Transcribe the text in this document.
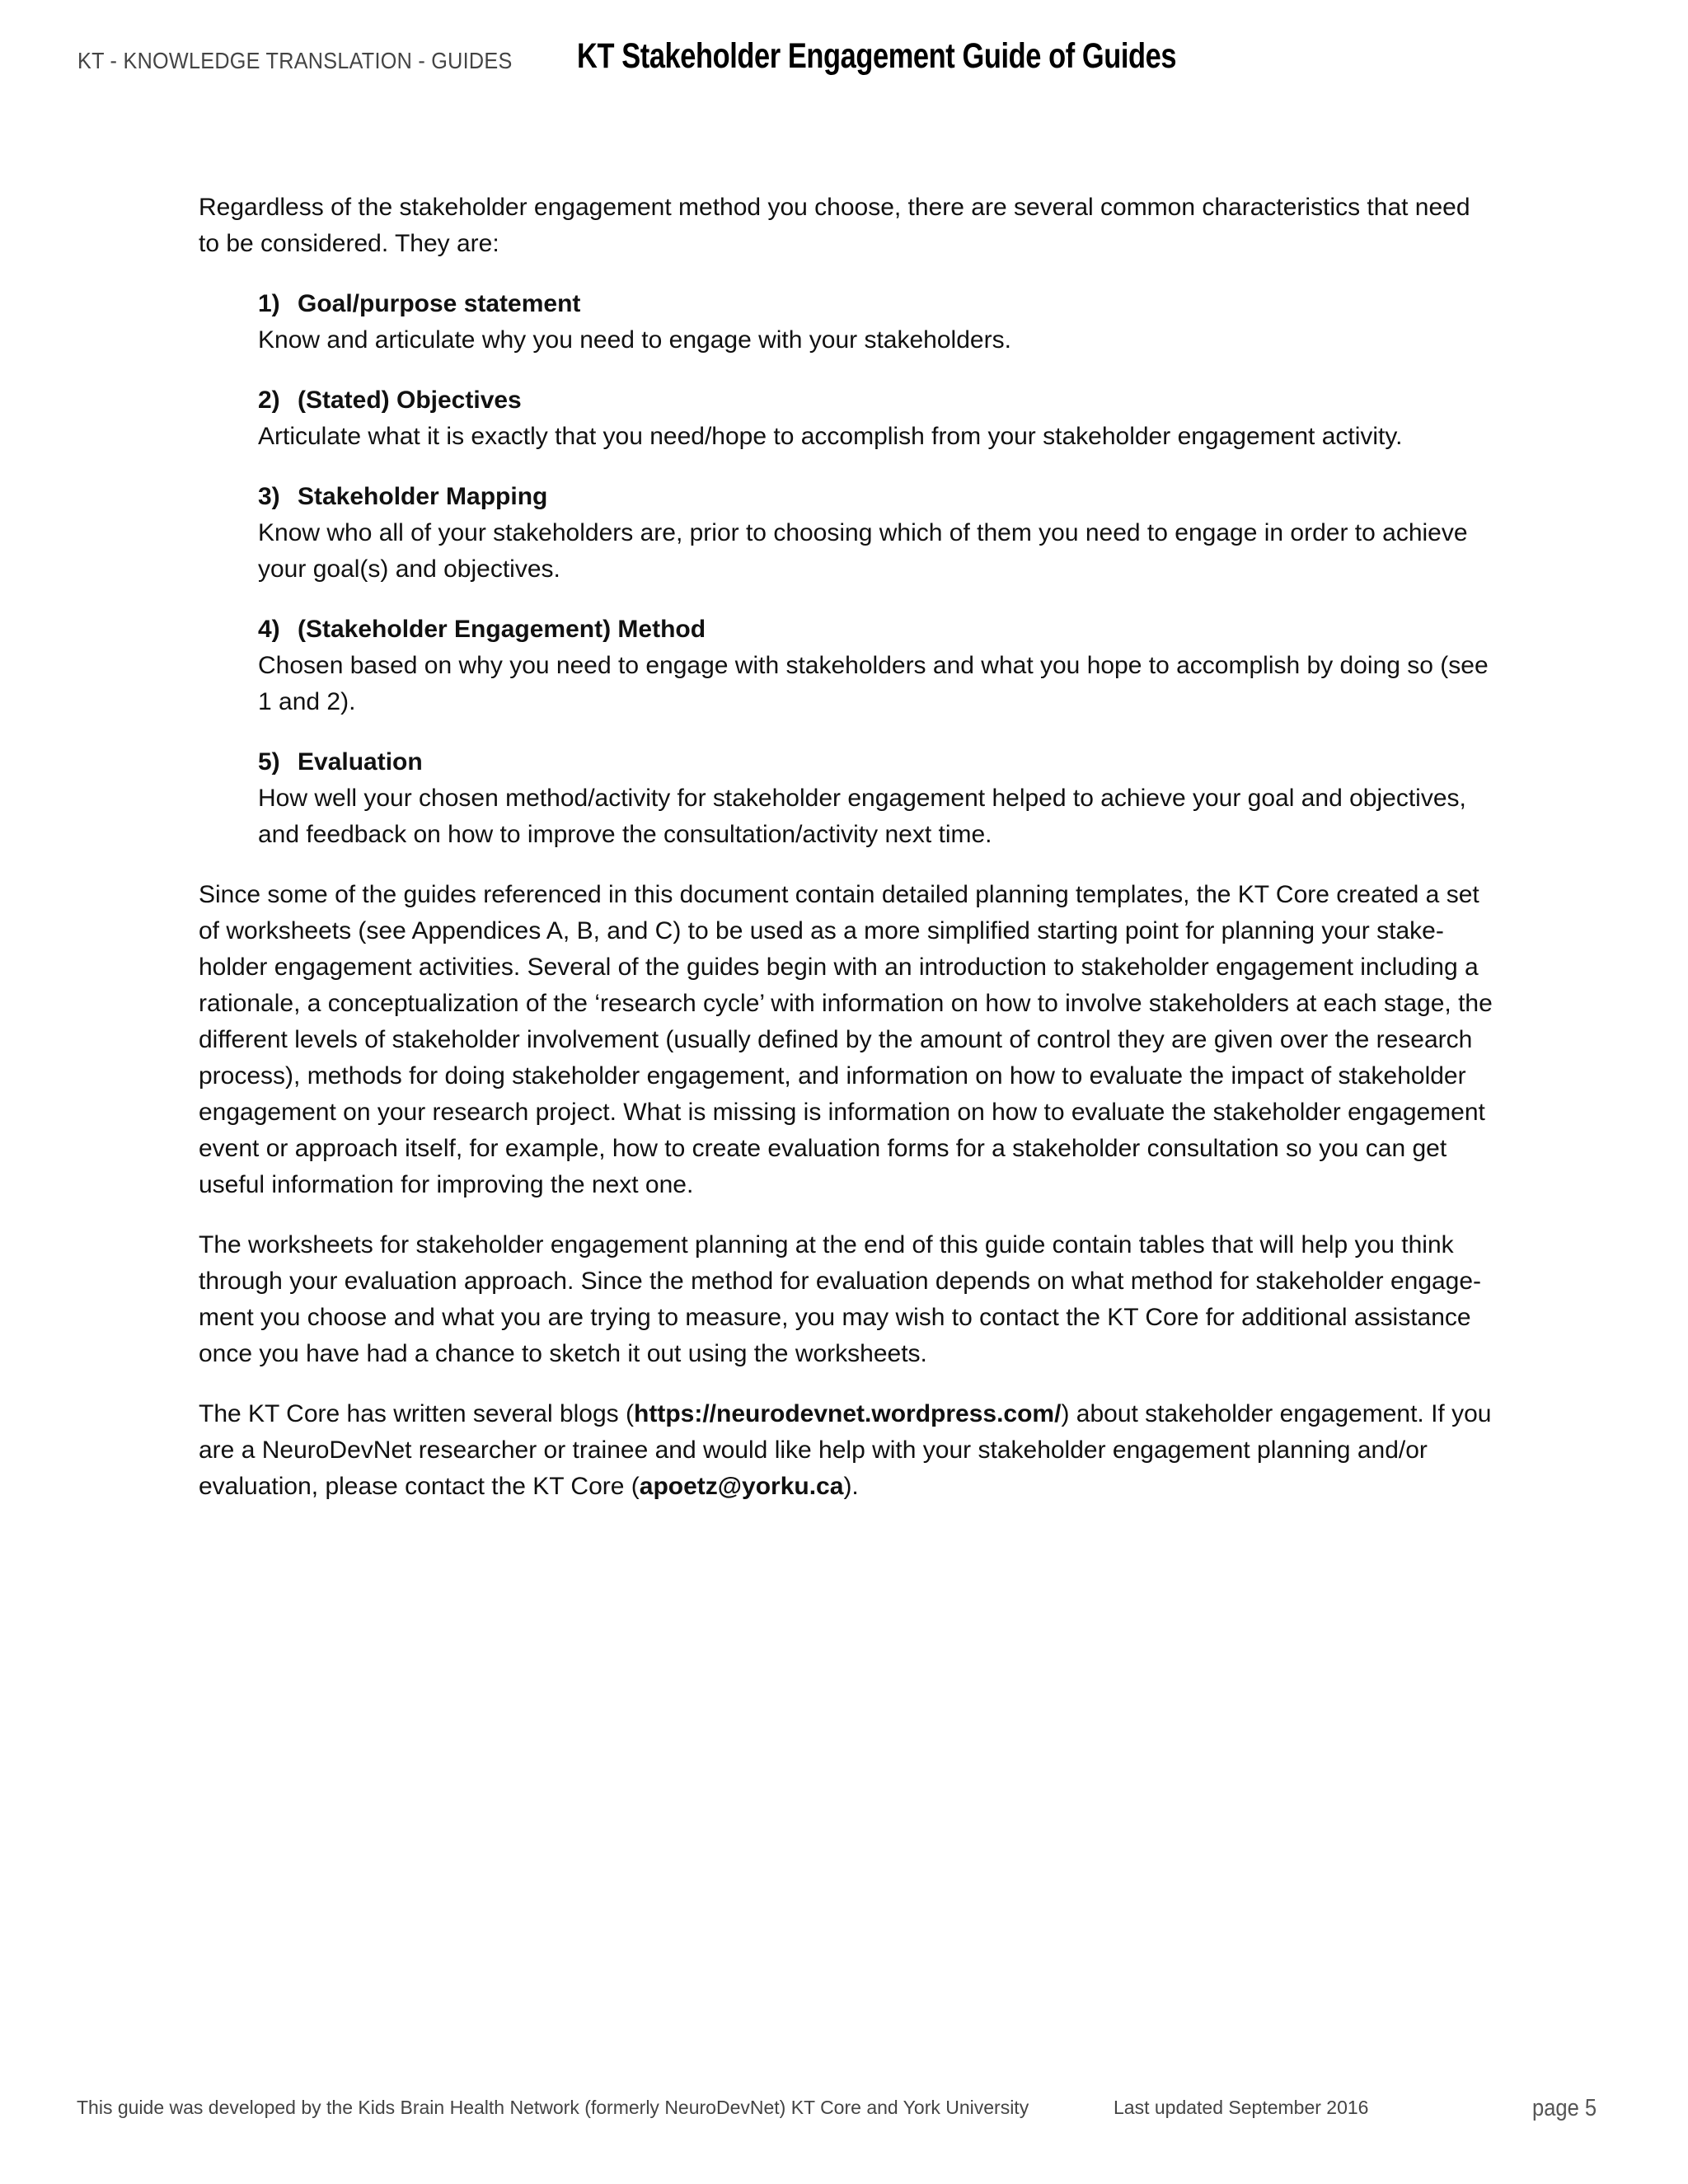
KT - KNOWLEDGE TRANSLATION - GUIDES KT Stakeholder Engagement Guide of Guides

Regardless of the stakeholder engagement method you choose, there are several common characteristics that need to be considered. They are:

1) Goal/purpose statement
Know and articulate why you need to engage with your stakeholders.
2) (Stated) Objectives
Articulate what it is exactly that you need/hope to accomplish from your stakeholder engagement activity.
3) Stakeholder Mapping
Know who all of your stakeholders are, prior to choosing which of them you need to engage in order to achieve your goal(s) and objectives.
4) (Stakeholder Engagement) Method
Chosen based on why you need to engage with stakeholders and what you hope to accomplish by doing so (see 1 and 2).
5) Evaluation
How well your chosen method/activity for stakeholder engagement helped to achieve your goal and objectives, and feedback on how to improve the consultation/activity next time.

Since some of the guides referenced in this document contain detailed planning templates, the KT Core created a set of worksheets (see Appendices A, B, and C) to be used as a more simplified starting point for planning your stake-holder engagement activities. Several of the guides begin with an introduction to stakeholder engagement including a rationale, a conceptualization of the ‘research cycle’ with information on how to involve stakeholders at each stage, the different levels of stakeholder involvement (usually defined by the amount of control they are given over the research process), methods for doing stakeholder engagement, and information on how to evaluate the impact of stakeholder engagement on your research project. What is missing is information on how to evaluate the stakeholder engagement event or approach itself, for example, how to create evaluation forms for a stakeholder consultation so you can get useful information for improving the next one.

The worksheets for stakeholder engagement planning at the end of this guide contain tables that will help you think through your evaluation approach. Since the method for evaluation depends on what method for stakeholder engage-ment you choose and what you are trying to measure, you may wish to contact the KT Core for additional assistance once you have had a chance to sketch it out using the worksheets.

The KT Core has written several blogs (https://neurodevnet.wordpress.com/) about stakeholder engagement. If you are a NeuroDevNet researcher or trainee and would like help with your stakeholder engagement planning and/or evaluation, please contact the KT Core (apoetz@yorku.ca).

This guide was developed by the Kids Brain Health Network (formerly NeuroDevNet) KT Core and York University	Last updated September 2016	page 5
